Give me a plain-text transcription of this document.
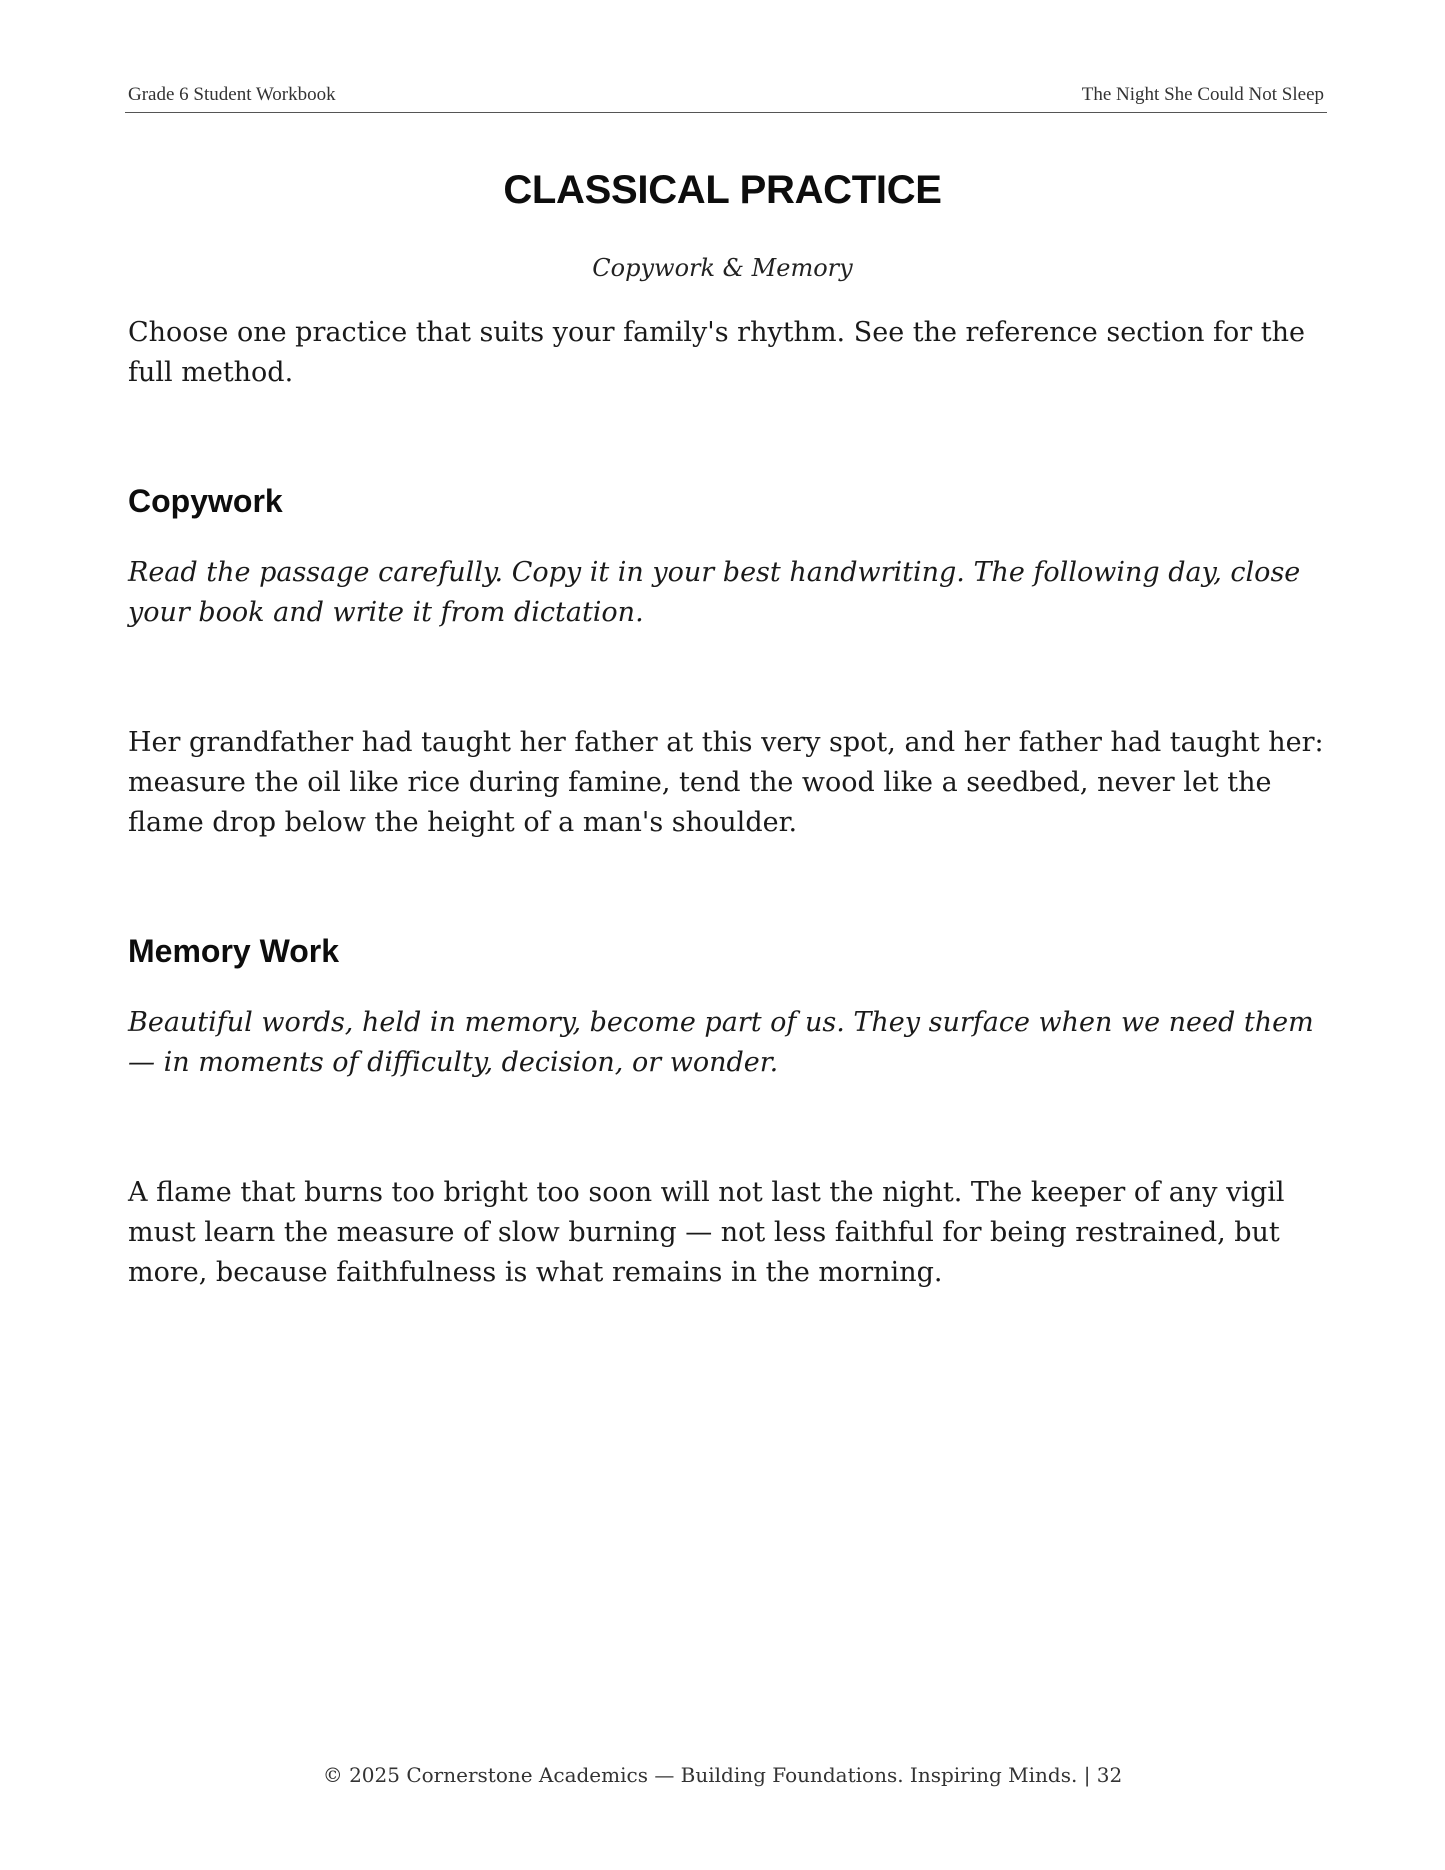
Grade 6 Student Workbook	The Night She Could Not Sleep
CLASSICAL PRACTICE
Copywork & Memory

Choose one practice that suits your family's rhythm. See the reference section for the full method.

Copywork

Read the passage carefully. Copy it in your best handwriting. The following day, close your book and write it from dictation.

Her grandfather had taught her father at this very spot, and her father had taught her: measure the oil like rice during famine, tend the wood like a seedbed, never let the flame drop below the height of a man's shoulder.

Memory Work

Beautiful words, held in memory, become part of us. They surface when we need them — in moments of difficulty, decision, or wonder.

A flame that burns too bright too soon will not last the night. The keeper of any vigil must learn the measure of slow burning — not less faithful for being restrained, but more, because faithfulness is what remains in the morning.

© 2025 Cornerstone Academics — Building Foundations. Inspiring Minds. | 32
